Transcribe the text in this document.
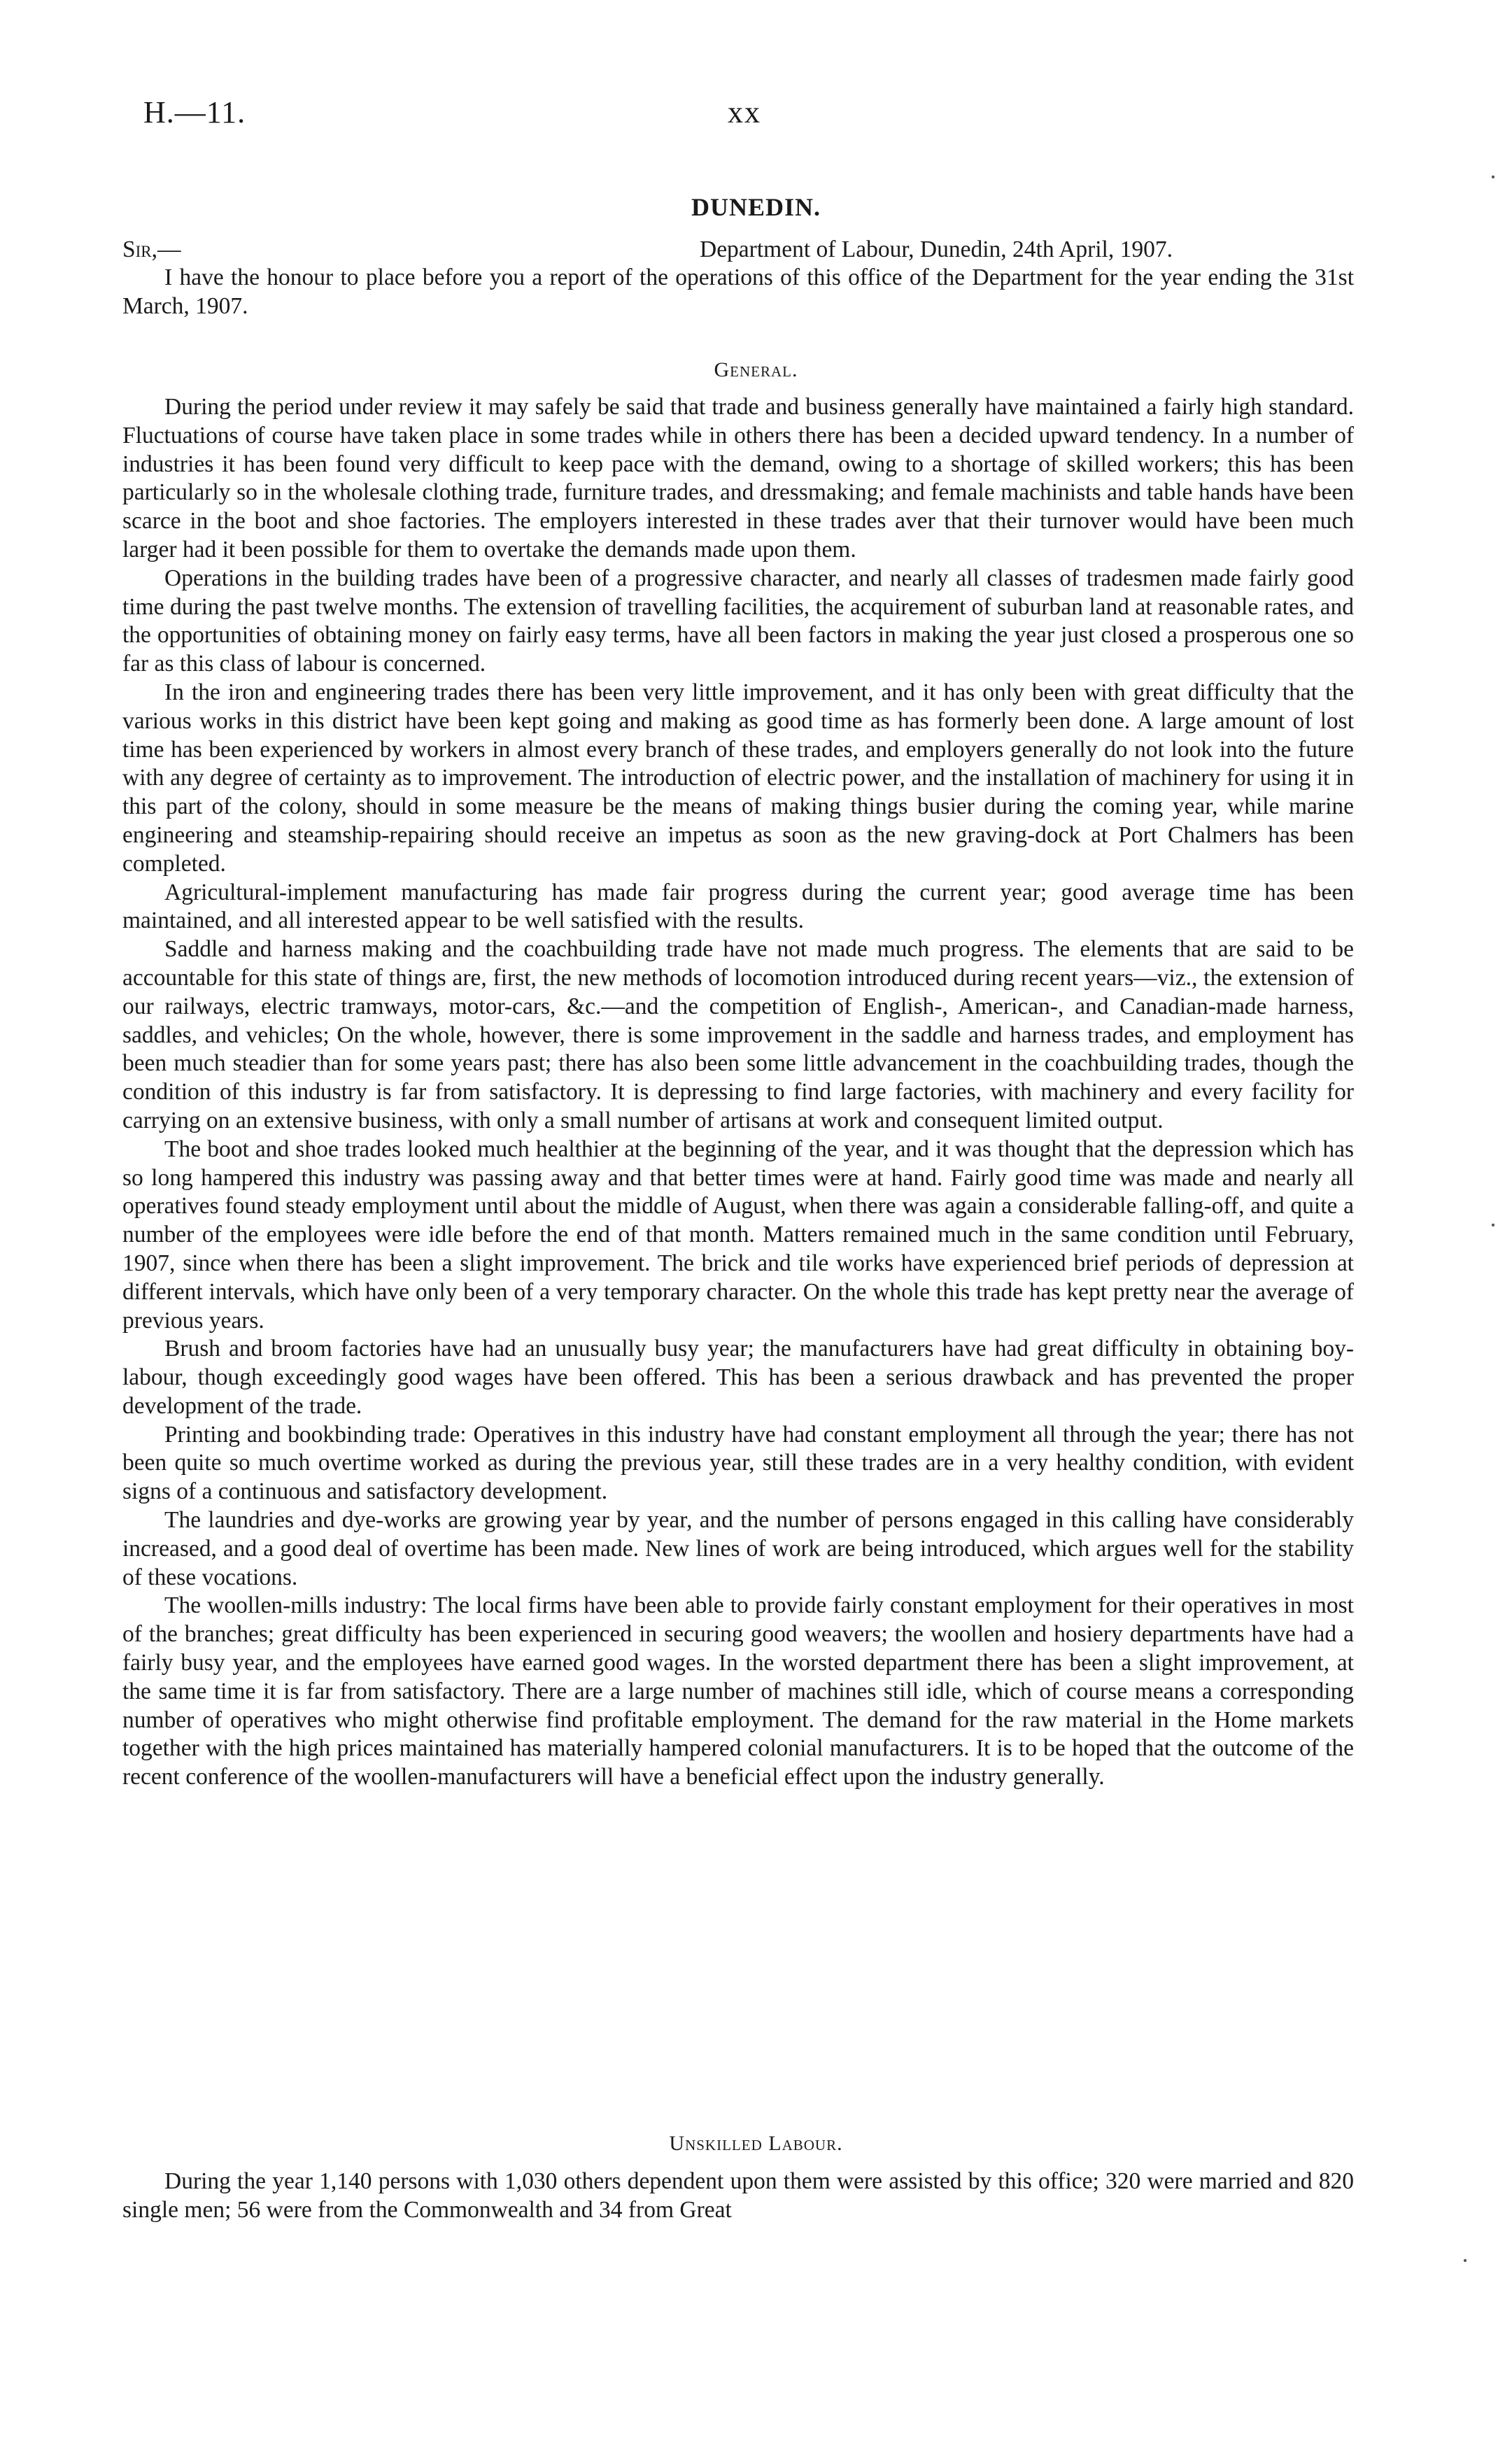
H.—11.	xx
DUNEDIN.
Sir,—	Department of Labour, Dunedin, 24th April, 1907.

I have the honour to place before you a report of the operations of this office of the Department for the year ending the 31st March, 1907.

General.

During the period under review it may safely be said that trade and business generally have maintained a fairly high standard. Fluctuations of course have taken place in some trades while in others there has been a decided upward tendency. In a number of industries it has been found very difficult to keep pace with the demand, owing to a shortage of skilled workers; this has been particularly so in the wholesale clothing trade, furniture trades, and dressmaking; and female machinists and table hands have been scarce in the boot and shoe factories. The employers interested in these trades aver that their turnover would have been much larger had it been possible for them to overtake the demands made upon them.

Operations in the building trades have been of a progressive character, and nearly all classes of tradesmen made fairly good time during the past twelve months. The extension of travelling facilities, the acquirement of suburban land at reasonable rates, and the opportunities of obtaining money on fairly easy terms, have all been factors in making the year just closed a prosperous one so far as this class of labour is concerned.

In the iron and engineering trades there has been very little improvement, and it has only been with great difficulty that the various works in this district have been kept going and making as good time as has formerly been done. A large amount of lost time has been experienced by workers in almost every branch of these trades, and employers generally do not look into the future with any degree of certainty as to improvement. The introduction of electric power, and the installation of machinery for using it in this part of the colony, should in some measure be the means of making things busier during the coming year, while marine engineering and steamship-repairing should receive an impetus as soon as the new graving-dock at Port Chalmers has been completed.

Agricultural-implement manufacturing has made fair progress during the current year; good average time has been maintained, and all interested appear to be well satisfied with the results.

Saddle and harness making and the coachbuilding trade have not made much progress. The elements that are said to be accountable for this state of things are, first, the new methods of locomotion introduced during recent years—viz., the extension of our railways, electric tramways, motor-cars, &c.—and the competition of English-, American-, and Canadian-made harness, saddles, and vehicles; On the whole, however, there is some improvement in the saddle and harness trades, and employment has been much steadier than for some years past; there has also been some little advancement in the coachbuilding trades, though the condition of this industry is far from satisfactory. It is depressing to find large factories, with machinery and every facility for carrying on an extensive business, with only a small number of artisans at work and consequent limited output.

The boot and shoe trades looked much healthier at the beginning of the year, and it was thought that the depression which has so long hampered this industry was passing away and that better times were at hand. Fairly good time was made and nearly all operatives found steady employment until about the middle of August, when there was again a considerable falling-off, and quite a number of the employees were idle before the end of that month. Matters remained much in the same condition until February, 1907, since when there has been a slight improvement. The brick and tile works have experienced brief periods of depression at different intervals, which have only been of a very temporary character. On the whole this trade has kept pretty near the average of previous years.

Brush and broom factories have had an unusually busy year; the manufacturers have had great difficulty in obtaining boy-labour, though exceedingly good wages have been offered. This has been a serious drawback and has prevented the proper development of the trade.

Printing and bookbinding trade: Operatives in this industry have had constant employment all through the year; there has not been quite so much overtime worked as during the previous year, still these trades are in a very healthy condition, with evident signs of a continuous and satisfactory development.

The laundries and dye-works are growing year by year, and the number of persons engaged in this calling have considerably increased, and a good deal of overtime has been made. New lines of work are being introduced, which argues well for the stability of these vocations.

The woollen-mills industry: The local firms have been able to provide fairly constant employment for their operatives in most of the branches; great difficulty has been experienced in securing good weavers; the woollen and hosiery departments have had a fairly busy year, and the employees have earned good wages. In the worsted department there has been a slight improvement, at the same time it is far from satisfactory. There are a large number of machines still idle, which of course means a corresponding number of operatives who might otherwise find profitable employment. The demand for the raw material in the Home markets together with the high prices maintained has materially hampered colonial manufacturers. It is to be hoped that the outcome of the recent conference of the woollen-manufacturers will have a beneficial effect upon the industry generally.

Unskilled Labour.

During the year 1,140 persons with 1,030 others dependent upon them were assisted by this office; 320 were married and 820 single men; 56 were from the Commonwealth and 34 from Great

·
·
·
